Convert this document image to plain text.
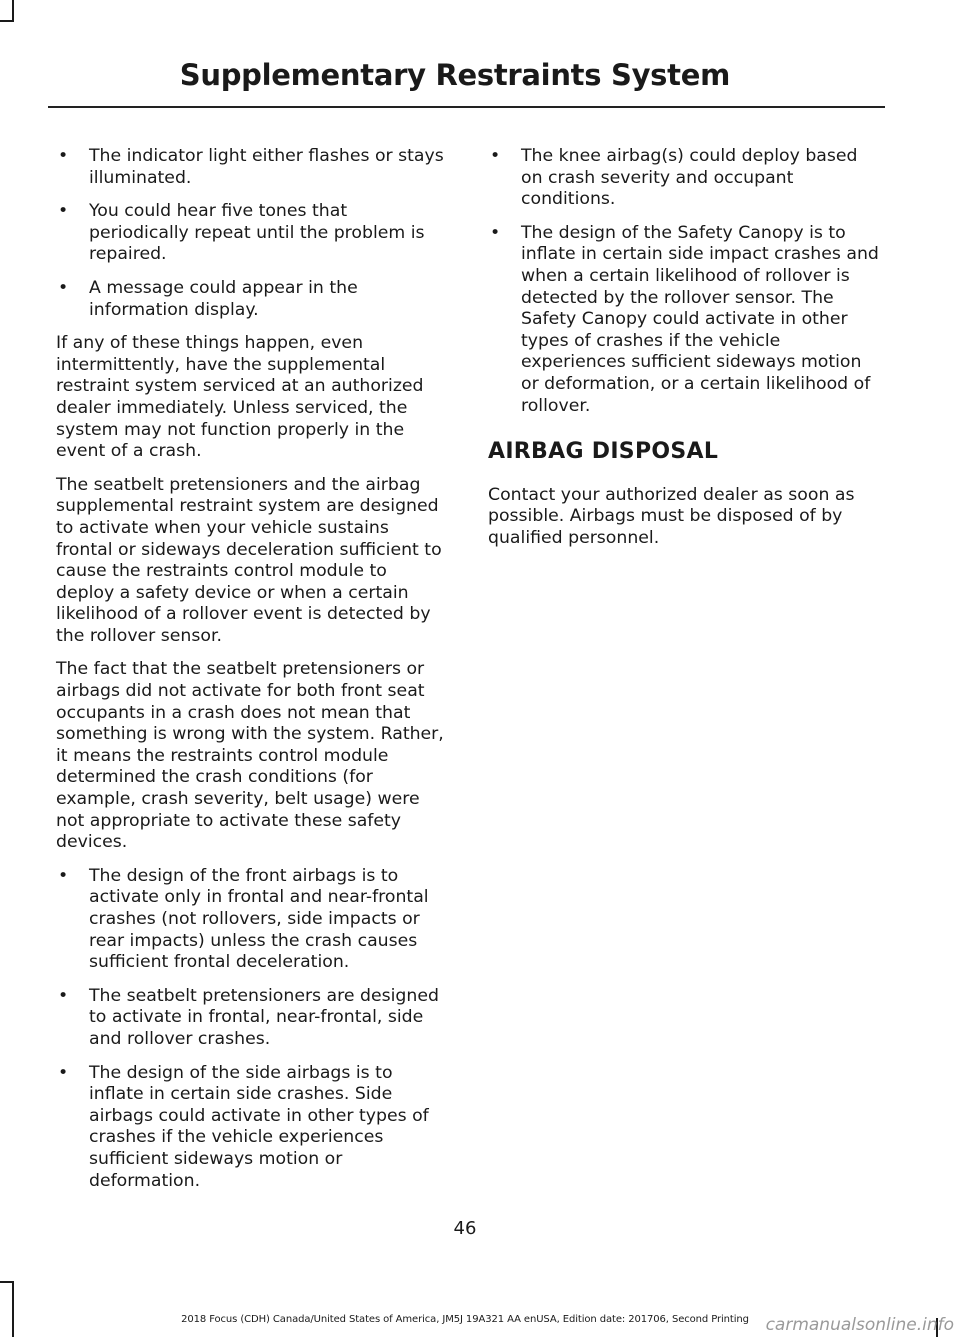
Supplementary Restraints System
• The indicator light either flashes or stays illuminated.
• You could hear five tones that periodically repeat until the problem is repaired.
• A message could appear in the information display.

If any of these things happen, even intermittently, have the supplemental restraint system serviced at an authorized dealer immediately. Unless serviced, the system may not function properly in the event of a crash.

The seatbelt pretensioners and the airbag supplemental restraint system are designed to activate when your vehicle sustains frontal or sideways deceleration sufficient to cause the restraints control module to deploy a safety device or when a certain likelihood of a rollover event is detected by the rollover sensor.

The fact that the seatbelt pretensioners or airbags did not activate for both front seat occupants in a crash does not mean that something is wrong with the system. Rather, it means the restraints control module determined the crash conditions (for example, crash severity, belt usage) were not appropriate to activate these safety devices.

• The design of the front airbags is to activate only in frontal and near-frontal crashes (not rollovers, side impacts or rear impacts) unless the crash causes sufficient frontal deceleration.
• The seatbelt pretensioners are designed to activate in frontal, near-frontal, side and rollover crashes.
• The design of the side airbags is to inflate in certain side crashes. Side airbags could activate in other types of crashes if the vehicle experiences sufficient sideways motion or deformation.
• The knee airbag(s) could deploy based on crash severity and occupant conditions.
• The design of the Safety Canopy is to inflate in certain side impact crashes and when a certain likelihood of rollover is detected by the rollover sensor. The Safety Canopy could activate in other types of crashes if the vehicle experiences sufficient sideways motion or deformation, or a certain likelihood of rollover.
AIRBAG DISPOSAL

Contact your authorized dealer as soon as possible. Airbags must be disposed of by qualified personnel.

46
2018 Focus (CDH) Canada/United States of America, JM5J 19A321 AA enUSA, Edition date: 201706, Second Printing carmanualsonline.info
